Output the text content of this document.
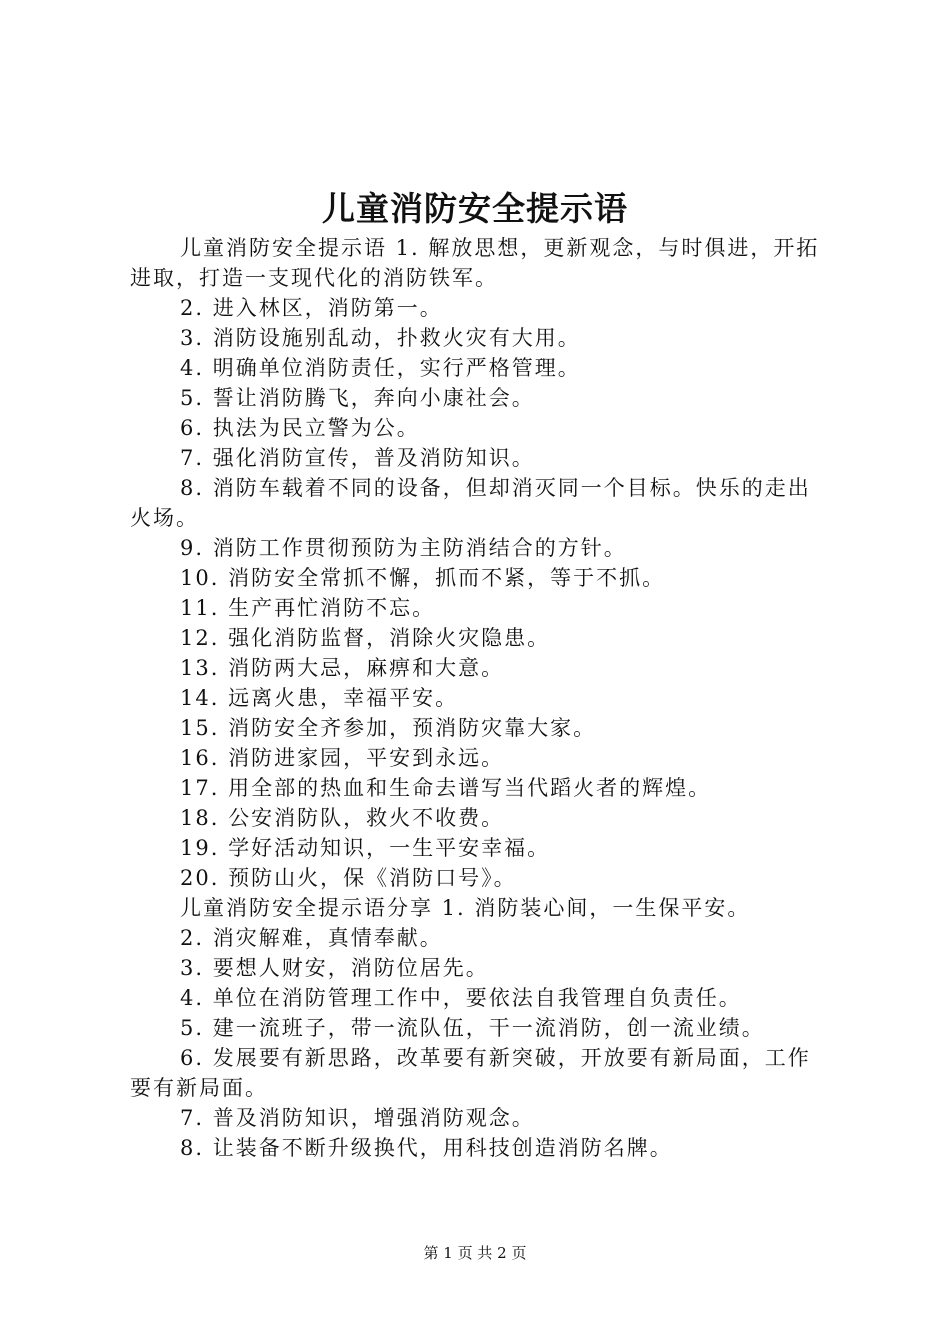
儿童消防安全提示语

儿童消防安全提示语 1. 解放思想，更新观念，与时俱进，开拓进取，打造一支现代化的消防铁军。

2. 进入林区，消防第一。

3. 消防设施别乱动，扑救火灾有大用。

4. 明确单位消防责任，实行严格管理。

5. 誓让消防腾飞，奔向小康社会。

6. 执法为民立警为公。

7. 强化消防宣传，普及消防知识。

8. 消防车载着不同的设备，但却消灭同一个目标。快乐的走出火场。

9. 消防工作贯彻预防为主防消结合的方针。

10. 消防安全常抓不懈，抓而不紧，等于不抓。

11. 生产再忙消防不忘。

12. 强化消防监督，消除火灾隐患。

13. 消防两大忌，麻痹和大意。

14. 远离火患，幸福平安。

15. 消防安全齐参加，预消防灾靠大家。

16. 消防进家园，平安到永远。

17. 用全部的热血和生命去谱写当代蹈火者的辉煌。

18. 公安消防队，救火不收费。

19. 学好活动知识，一生平安幸福。

20. 预防山火，保《消防口号》。

儿童消防安全提示语分享 1. 消防装心间，一生保平安。

2. 消灾解难，真情奉献。

3. 要想人财安，消防位居先。

4. 单位在消防管理工作中，要依法自我管理自负责任。

5. 建一流班子，带一流队伍，干一流消防，创一流业绩。

6. 发展要有新思路，改革要有新突破，开放要有新局面，工作要有新局面。

7. 普及消防知识，增强消防观念。

8. 让装备不断升级换代，用科技创造消防名牌。

第 1 页 共 2 页
